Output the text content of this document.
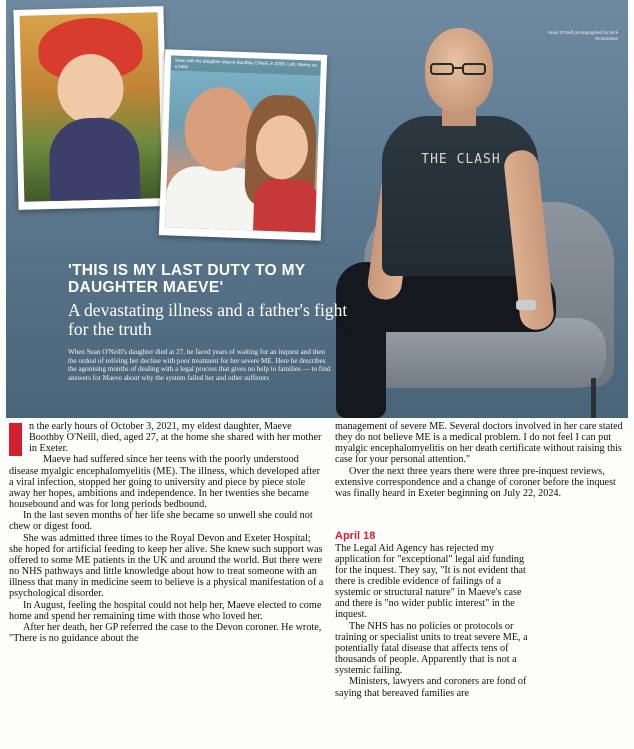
Sean O'Neill photographed by Nick Richardson
THE CLASH
Sean with his daughter Maeve Boothby O'Neill, in 2006. Left, Maeve as a baby
'THIS IS MY LAST DUTY TO MY DAUGHTER MAEVE'
A devastating illness and a father's fight for the truth
When Sean O'Neill's daughter died at 27, he faced years of waiting for an inquest and then the ordeal of reliving her decline with poor treatment for her severe ME. Here he describes the agonising months of dealing with a legal process that gives no help to families — to find answers for Maeve about why the system failed her and other sufferers

n the early hours of October 3, 2021, my eldest daughter, Maeve Boothby O'Neill, died, aged 27, at the home she shared with her mother in Exeter.

Maeve had suffered since her teens with the poorly understood disease myalgic encephalomyelitis (ME). The illness, which developed after a viral infection, stopped her going to university and piece by piece stole away her hopes, ambitions and independence. In her twenties she became housebound and was for long periods bedbound.

In the last seven months of her life she became so unwell she could not chew or digest food.

She was admitted three times to the Royal Devon and Exeter Hospital; she hoped for artificial feeding to keep her alive. She knew such support was offered to some ME patients in the UK and around the world. But there were no NHS pathways and little knowledge about how to treat someone with an illness that many in medicine seem to believe is a physical manifestation of a psychological disorder.

In August, feeling the hospital could not help her, Maeve elected to come home and spend her remaining time with those who loved her.

After her death, her GP referred the case to the Devon coroner. He wrote, "There is no guidance about the

management of severe ME. Several doctors involved in her care stated they do not believe ME is a medical problem. I do not feel I can put myalgic encephalomyelitis on her death certificate without raising this case for your personal attention."

Over the next three years there were three pre-inquest reviews, extensive correspondence and a change of coroner before the inquest was finally heard in Exeter beginning on July 22, 2024.

April 18

The Legal Aid Agency has rejected my application for "exceptional" legal aid funding for the inquest. They say, "It is not evident that there is credible evidence of failings of a systemic or structural nature" in Maeve's case and there is "no wider public interest" in the inquest.

The NHS has no policies or protocols or training or specialist units to treat severe ME, a potentially fatal disease that affects tens of thousands of people. Apparently that is not a systemic failing.

Ministers, lawyers and coroners are fond of saying that bereaved families are
